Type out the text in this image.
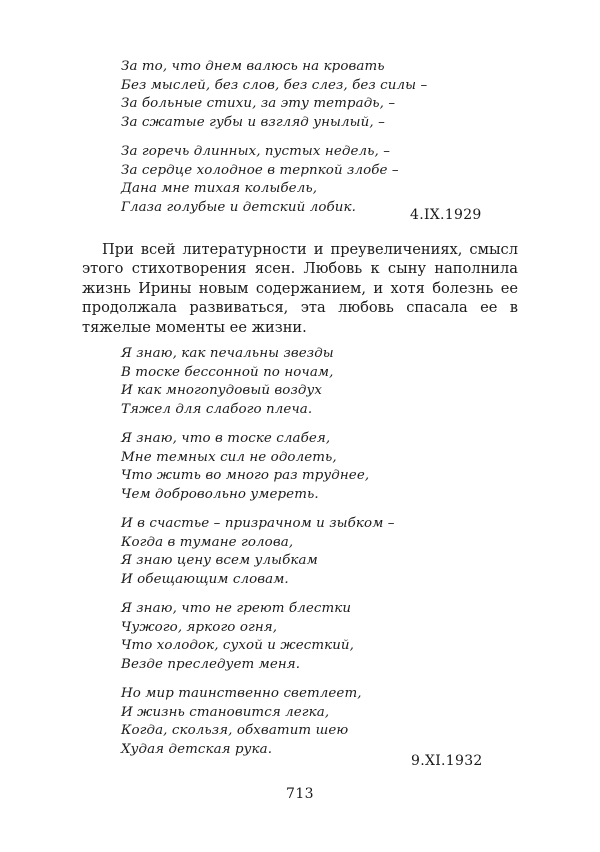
За то, что днем валюсь на кровать
Без мыслей, без слов, без слез, без силы –
За больные стихи, за эту тетрадь, –
За сжатые губы и взгляд унылый, –
За горечь длинных, пустых недель, –
За сердце холодное в терпкой злобе –
Дана мне тихая колыбель,
Глаза голубые и детский лобик.	4.IX.1929
При всей литературности и преувеличениях, смысл этого стихотворения ясен. Любовь к сыну наполнила жизнь Ирины новым содержанием, и хотя болезнь ее продолжала развиваться, эта любовь спасала ее в тяжелые моменты ее жизни.
Я знаю, как печальны звезды
В тоске бессонной по ночам,
И как многопудовый воздух
Тяжел для слабого плеча.
Я знаю, что в тоске слабея,
Мне темных сил не одолеть,
Что жить во много раз труднее,
Чем добровольно умереть.
И в счастье – призрачном и зыбком –
Когда в тумане голова,
Я знаю цену всем улыбкам
И обещающим словам.
Я знаю, что не греют блестки
Чужого, яркого огня,
Что холодок, сухой и жесткий,
Везде преследует меня.
Но мир таинственно светлеет,
И жизнь становится легка,
Когда, скользя, обхватит шею
Худая детская рука.
9.XI.1932
713
